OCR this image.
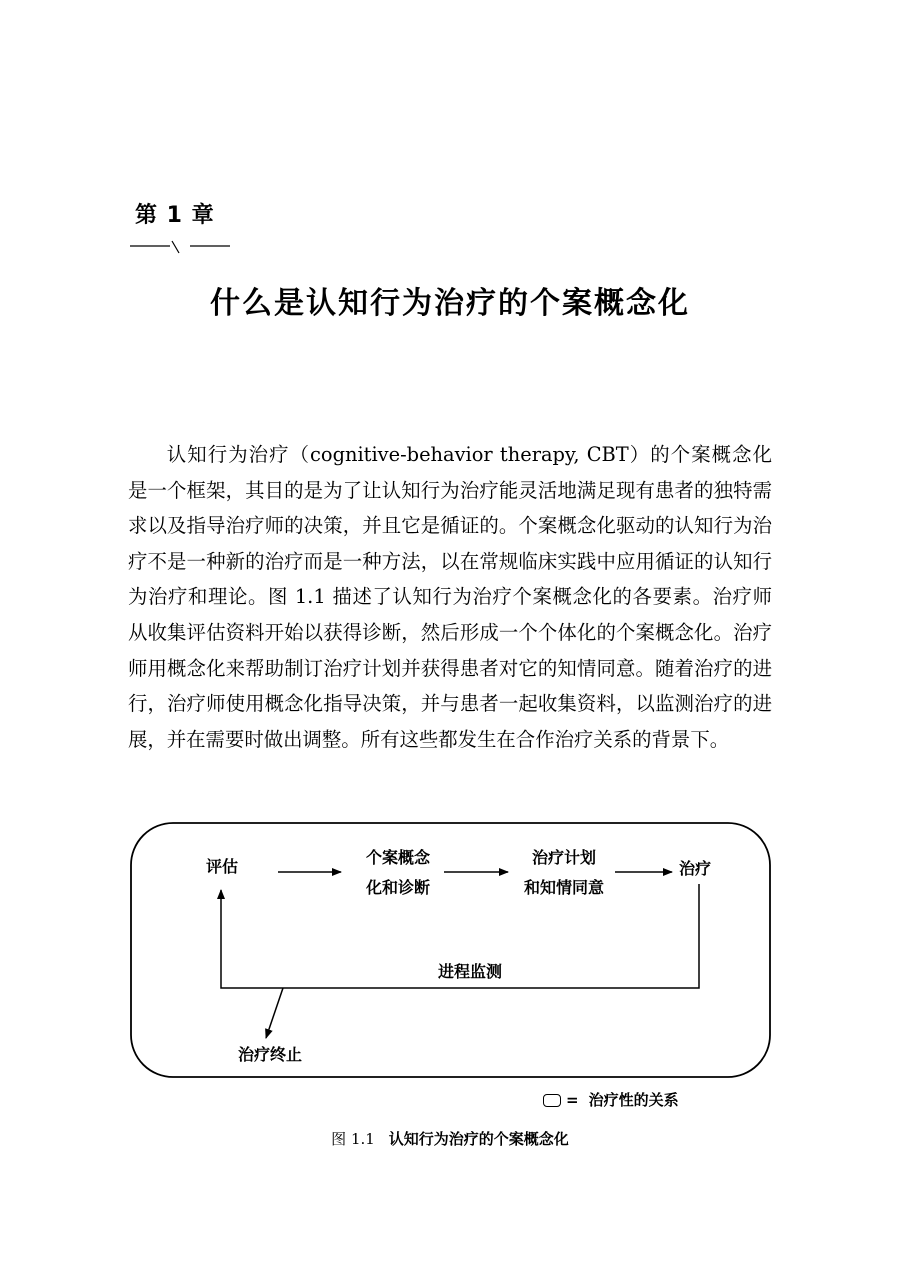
第 1 章
什么是认知行为治疗的个案概念化

认知行为治疗（cognitive-behavior therapy, CBT）的个案概念化是一个框架，其目的是为了让认知行为治疗能灵活地满足现有患者的独特需求以及指导治疗师的决策，并且它是循证的。个案概念化驱动的认知行为治疗不是一种新的治疗而是一种方法，以在常规临床实践中应用循证的认知行为治疗和理论。图 1.1 描述了认知行为治疗个案概念化的各要素。治疗师从收集评估资料开始以获得诊断，然后形成一个个体化的个案概念化。治疗师用概念化来帮助制订治疗计划并获得患者对它的知情同意。随着治疗的进行，治疗师使用概念化指导决策，并与患者一起收集资料，以监测治疗的进展，并在需要时做出调整。所有这些都发生在合作治疗关系的背景下。

评估	个案概念
化和诊断
治疗计划
和知情同意
治疗
进程监测
治疗终止
= 治疗性的关系
图 1.1 认知行为治疗的个案概念化
